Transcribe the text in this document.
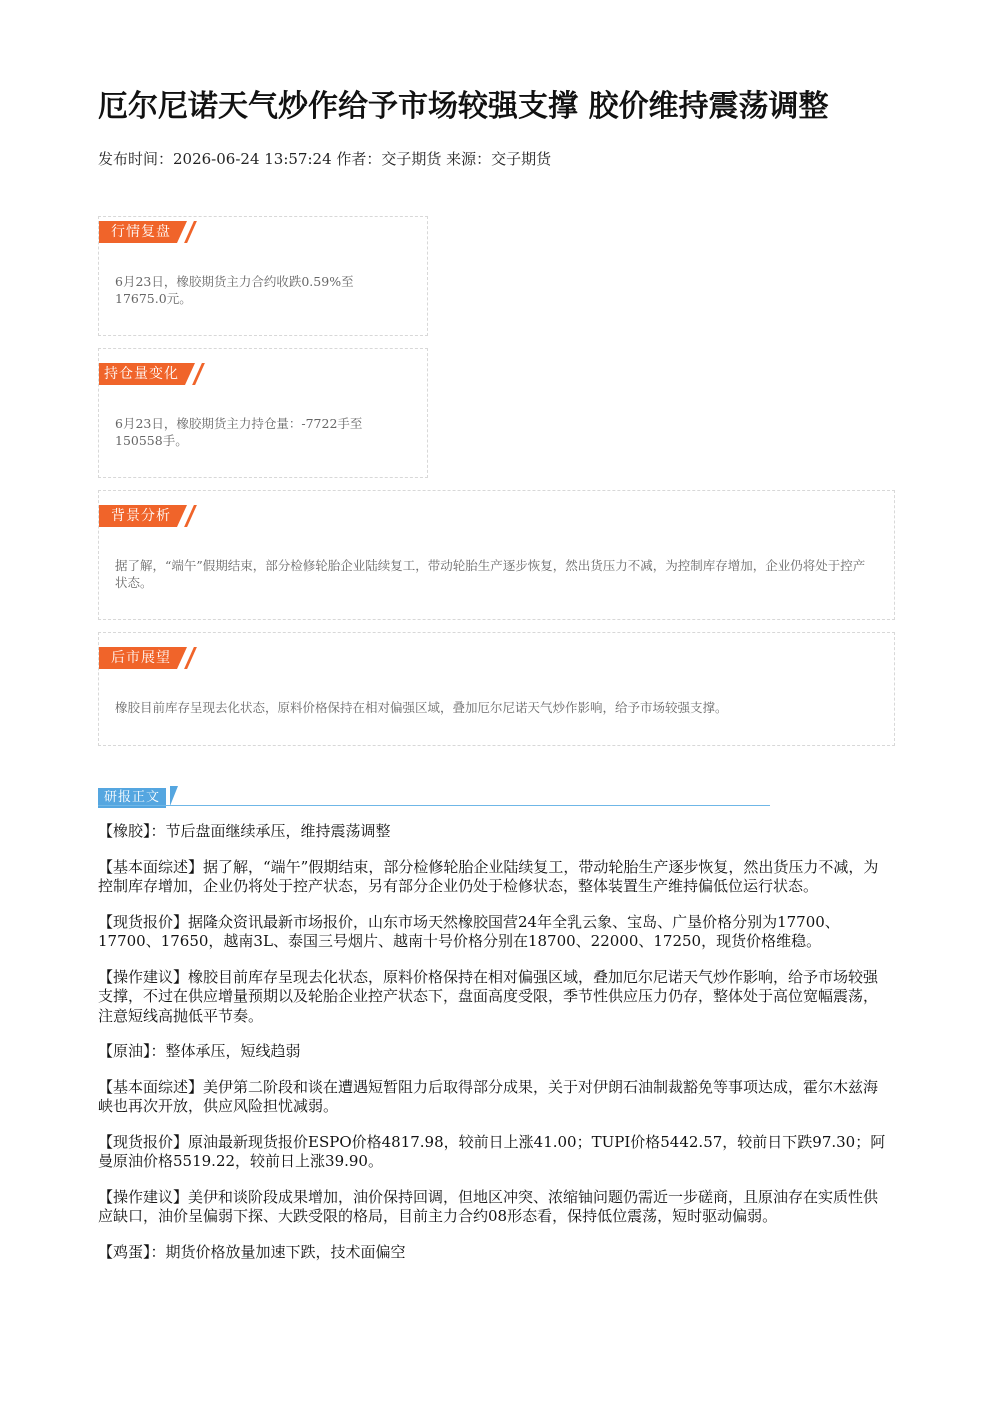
厄尔尼诺天气炒作给予市场较强支撑 胶价维持震荡调整
发布时间：2026-06-24 13:57:24 作者：交子期货 来源：交子期货
行情复盘
6月23日，橡胶期货主力合约收跌0.59%至17675.0元。
持仓量变化
6月23日，橡胶期货主力持仓量：-7722手至150558手。
背景分析
据了解，“端午”假期结束，部分检修轮胎企业陆续复工，带动轮胎生产逐步恢复，然出货压力不减，为控制库存增加，企业仍将处于控产状态。
后市展望
橡胶目前库存呈现去化状态，原料价格保持在相对偏强区域，叠加厄尔尼诺天气炒作影响，给予市场较强支撑。
研报正文

【橡胶】：节后盘面继续承压，维持震荡调整

【基本面综述】据了解，“端午”假期结束，部分检修轮胎企业陆续复工，带动轮胎生产逐步恢复，然出货压力不减，为控制库存增加，企业仍将处于控产状态，另有部分企业仍处于检修状态，整体装置生产维持偏低位运行状态。

【现货报价】据隆众资讯最新市场报价，山东市场天然橡胶国营24年全乳云象、宝岛、广垦价格分别为17700、17700、17650，越南3L、泰国三号烟片、越南十号价格分别在18700、22000、17250，现货价格维稳。

【操作建议】橡胶目前库存呈现去化状态，原料价格保持在相对偏强区域，叠加厄尔尼诺天气炒作影响，给予市场较强支撑，不过在供应增量预期以及轮胎企业控产状态下，盘面高度受限，季节性供应压力仍存，整体处于高位宽幅震荡，注意短线高抛低平节奏。

【原油】：整体承压，短线趋弱

【基本面综述】美伊第二阶段和谈在遭遇短暂阻力后取得部分成果，关于对伊朗石油制裁豁免等事项达成，霍尔木兹海峡也再次开放，供应风险担忧减弱。

【现货报价】原油最新现货报价ESPO价格4817.98，较前日上涨41.00；TUPI价格5442.57，较前日下跌97.30；阿曼原油价格5519.22，较前日上涨39.90。

【操作建议】美伊和谈阶段成果增加，油价保持回调，但地区冲突、浓缩铀问题仍需近一步磋商，且原油存在实质性供应缺口，油价呈偏弱下探、大跌受限的格局，目前主力合约08形态看，保持低位震荡，短时驱动偏弱。

【鸡蛋】：期货价格放量加速下跌，技术面偏空
